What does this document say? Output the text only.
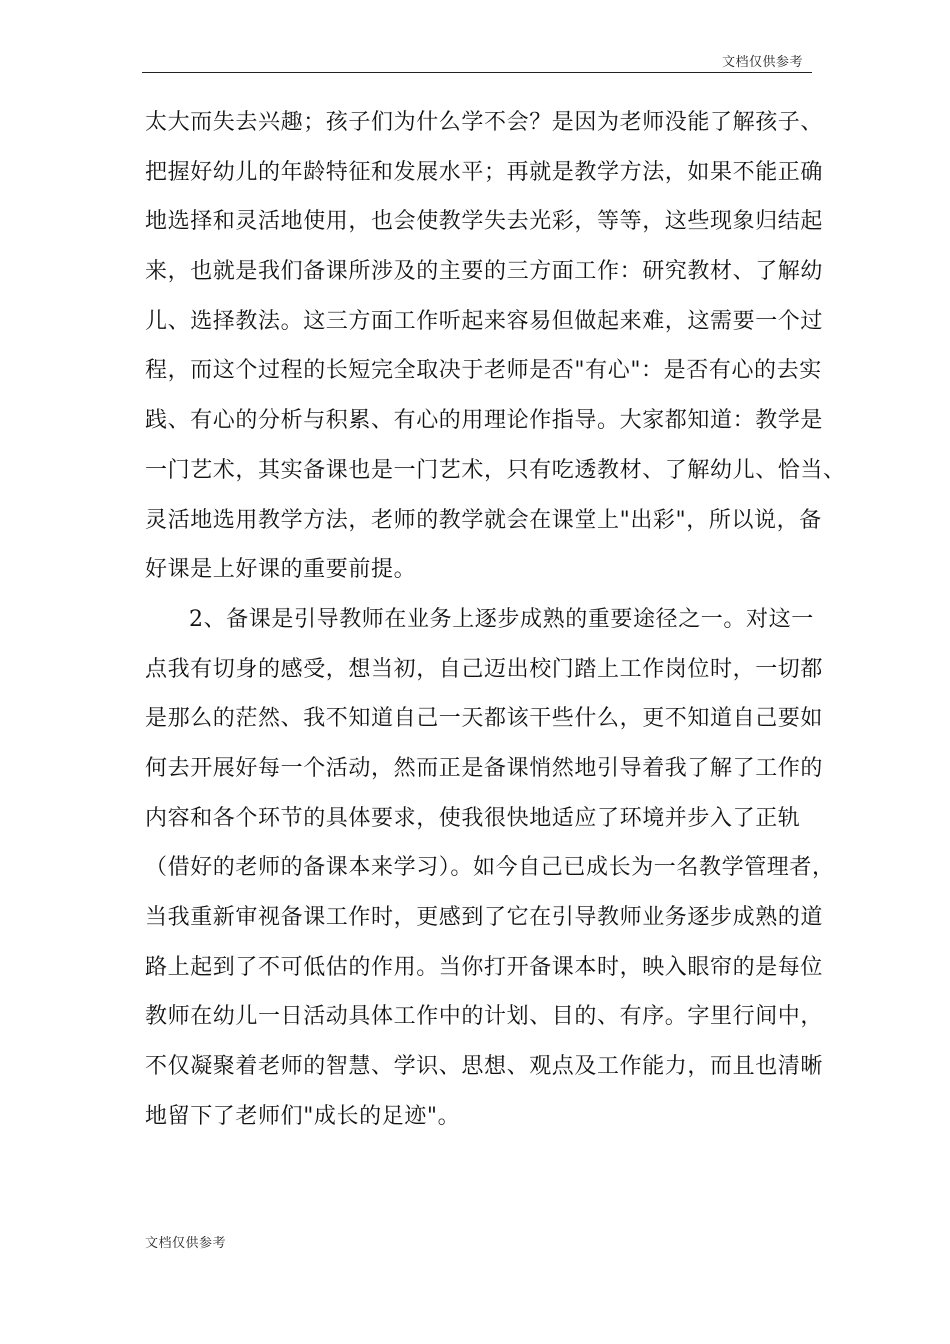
文档仅供参考
太大而失去兴趣；孩子们为什么学不会？是因为老师没能了解孩子、
把握好幼儿的年龄特征和发展水平；再就是教学方法，如果不能正确
地选择和灵活地使用，也会使教学失去光彩，等等，这些现象归结起
来，也就是我们备课所涉及的主要的三方面工作：研究教材、了解幼
儿、选择教法。这三方面工作听起来容易但做起来难，这需要一个过
程，而这个过程的长短完全取决于老师是否"有心"：是否有心的去实
践、有心的分析与积累、有心的用理论作指导。大家都知道：教学是
一门艺术，其实备课也是一门艺术，只有吃透教材、了解幼儿、恰当、
灵活地选用教学方法，老师的教学就会在课堂上"出彩"，所以说，备
好课是上好课的重要前提。
2、备课是引导教师在业务上逐步成熟的重要途径之一。对这一
点我有切身的感受，想当初，自己迈出校门踏上工作岗位时，一切都
是那么的茫然、我不知道自己一天都该干些什么，更不知道自己要如
何去开展好每一个活动，然而正是备课悄然地引导着我了解了工作的
内容和各个环节的具体要求，使我很快地适应了环境并步入了正轨
（借好的老师的备课本来学习）。如今自己已成长为一名教学管理者，
当我重新审视备课工作时，更感到了它在引导教师业务逐步成熟的道
路上起到了不可低估的作用。当你打开备课本时，映入眼帘的是每位
教师在幼儿一日活动具体工作中的计划、目的、有序。字里行间中，
不仅凝聚着老师的智慧、学识、思想、观点及工作能力，而且也清晰
地留下了老师们"成长的足迹"。
文档仅供参考
